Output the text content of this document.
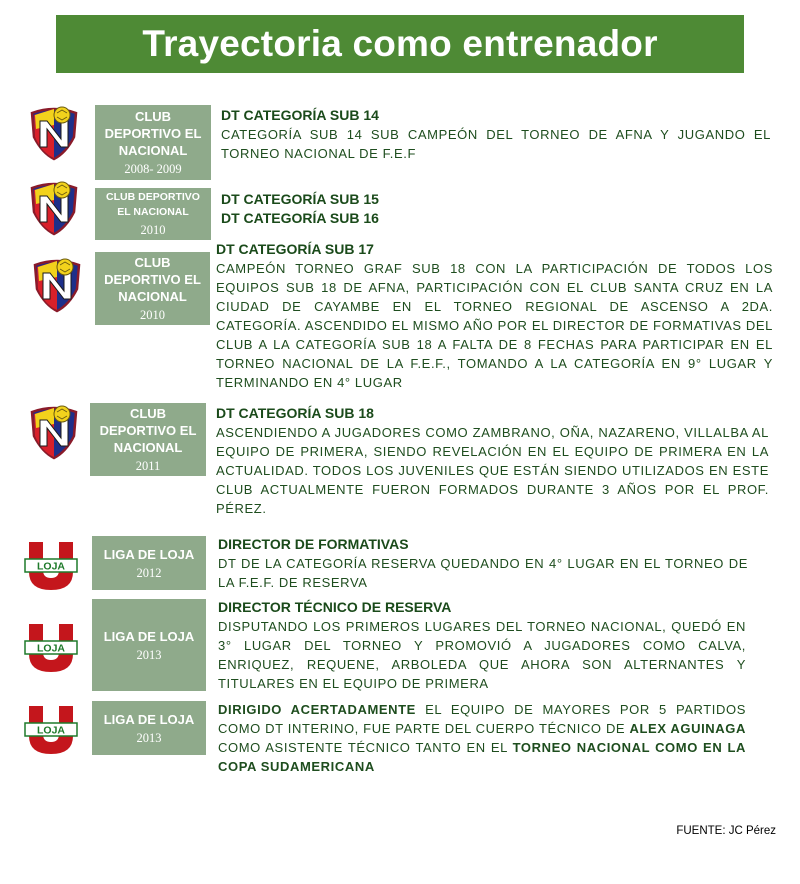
Trayectoria como entrenador
CLUB DEPORTIVO EL NACIONAL
2008- 2009
CLUB DEPORTIVO EL NACIONAL
2010
CLUB DEPORTIVO EL NACIONAL
2010
CLUB DEPORTIVO EL NACIONAL
2011
LIGA DE LOJA
2012
LIGA DE LOJA
2013
LIGA DE LOJA
2013
DT CATEGORÍA SUB 14
CATEGORÍA SUB 14 SUB CAMPEÓN DEL TORNEO DE AFNA Y JUGANDO EL TORNEO NACIONAL DE F.E.F
DT CATEGORÍA SUB 15
DT CATEGORÍA SUB 16
DT CATEGORÍA SUB 17
CAMPEÓN TORNEO GRAF SUB 18 CON LA PARTICIPACIÓN DE TODOS LOS EQUIPOS SUB 18 DE AFNA, PARTICIPACIÓN CON EL CLUB SANTA CRUZ EN LA CIUDAD DE CAYAMBE EN EL TORNEO REGIONAL DE ASCENSO A 2DA. CATEGORÍA. ASCENDIDO EL MISMO AÑO POR EL DIRECTOR DE FORMATIVAS DEL CLUB A LA CATEGORÍA SUB 18 A FALTA DE 8 FECHAS PARA PARTICIPAR EN EL TORNEO NACIONAL DE LA F.E.F., TOMANDO A LA CATEGORÍA EN 9° LUGAR Y TERMINANDO EN 4° LUGAR
DT CATEGORÍA SUB 18
ASCENDIENDO A JUGADORES COMO ZAMBRANO, OÑA, NAZARENO, VILLALBA AL EQUIPO DE PRIMERA, SIENDO REVELACIÓN EN EL EQUIPO DE PRIMERA EN LA ACTUALIDAD. TODOS LOS JUVENILES QUE ESTÁN SIENDO UTILIZADOS EN ESTE CLUB ACTUALMENTE FUERON FORMADOS DURANTE 3 AÑOS POR EL PROF. PÉREZ.
DIRECTOR DE FORMATIVAS
DT DE LA CATEGORÍA RESERVA QUEDANDO EN 4° LUGAR EN EL TORNEO DE LA F.E.F. DE RESERVA
DIRECTOR TÉCNICO DE RESERVA
DISPUTANDO LOS PRIMEROS LUGARES DEL TORNEO NACIONAL, QUEDÓ EN 3° LUGAR DEL TORNEO Y PROMOVIÓ A JUGADORES COMO CALVA, ENRIQUEZ, REQUENE, ARBOLEDA QUE AHORA SON ALTERNANTES Y TITULARES EN EL EQUIPO DE PRIMERA
DIRIGIDO ACERTADAMENTE EL EQUIPO DE MAYORES POR 5 PARTIDOS COMO DT INTERINO, FUE PARTE DEL CUERPO TÉCNICO DE ALEX AGUINAGA COMO ASISTENTE TÉCNICO TANTO EN EL TORNEO NACIONAL COMO EN LA COPA SUDAMERICANA
FUENTE: JC Pérez
